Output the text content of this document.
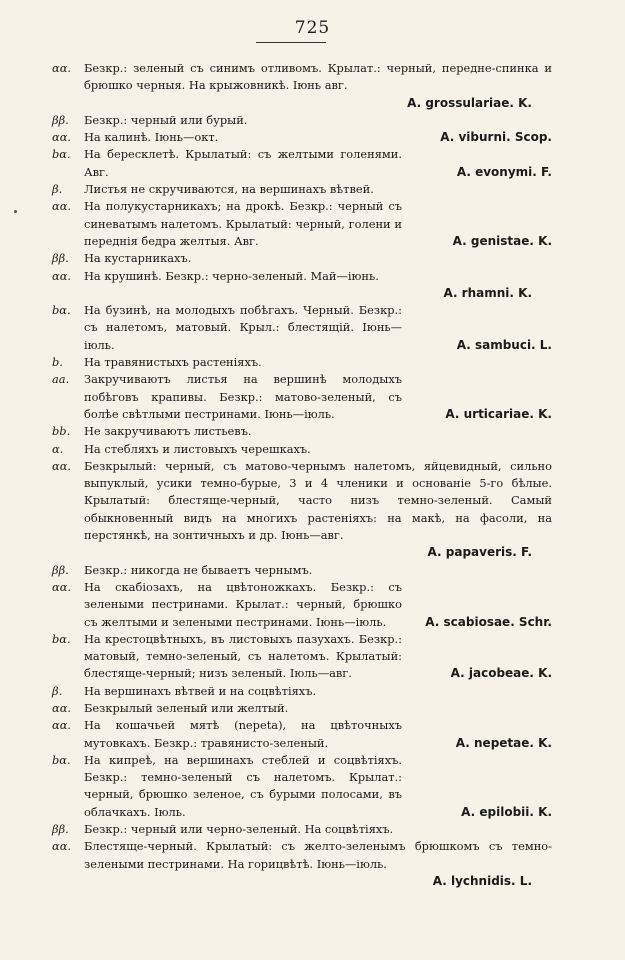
725
αα.	Безкр.: зеленый съ синимъ отливомъ. Крылат.: черный, передне-спинка и брюшко черныя. На крыжовникѣ. Іюнь авг.
A. grossulariae. K.
ββ.	Безкр.: черный или бурый.
αα.	На калинѣ. Іюнь—окт.	A. viburni. Scop.
bα.	На бересклетѣ. Крылатый: съ желтыми голенями. Авг.	A. evonymi. F.
β.	Листья не скручиваются, на вершинахъ вѣтвей.
αα.	На полукустарникахъ; на дрокѣ. Безкр.: черный съ синеватымъ налетомъ. Крылатый: черный, голени и переднія бедра желтыя. Авг.	A. genistae. K.
ββ.	На кустарникахъ.
αα.	На крушинѣ. Безкр.: черно-зеленый. Май—іюнь.
A. rhamni. K.
bα.	На бузинѣ, на молодыхъ побѣгахъ. Черный. Безкр.: съ налетомъ, матовый. Крыл.: блестящій. Іюнь—іюль.	A. sambuci. L.
b.	На травянистыхъ растеніяхъ.
aa.	Закручиваютъ листья на вершинѣ молодыхъ побѣговъ крапивы. Безкр.: матово-зеленый, съ болѣе свѣтлыми пестринами. Іюнь—іюль.	A. urticariae. K.
bb.	Не закручиваютъ листьевъ.
α.	На стебляхъ и листовыхъ черешкахъ.
αα.	Безкрылый: черный, съ матово-чернымъ налетомъ, яйцевидный, сильно выпуклый, усики темно-бурые, 3 и 4 членики и основаніе 5-го бѣлые. Крылатый: блестяще-черный, часто низъ темно-зеленый. Самый обыкновенный видъ на многихъ растеніяхъ: на макѣ, на фасоли, на перстянкѣ, на зонтичныхъ и др. Іюнь—авг.
A. papaveris. F.
ββ.	Безкр.: никогда не бываетъ чернымъ.
αα.	На скабіозахъ, на цвѣтоножкахъ. Безкр.: съ зелеными пестринами. Крылат.: черный, брюшко съ желтыми и зелеными пестринами. Іюнь—іюль.	A. scabiosae. Schr.
bα.	На крестоцвѣтныхъ, въ листовыхъ пазухахъ. Безкр.: матовый, темно-зеленый, съ налетомъ. Крылатый: блестяще-черный; низъ зеленый. Іюль—авг.	A. jacobeae. K.
β.	На вершинахъ вѣтвей и на соцвѣтіяхъ.
αα.	Безкрылый зеленый или желтый.
αα.	На кошачьей мятѣ (nepeta), на цвѣточныхъ мутовкахъ. Безкр.: травянисто-зеленый.	A. nepetae. K.
bα.	На кипреѣ, на вершинахъ стеблей и соцвѣтіяхъ. Безкр.: темно-зеленый съ налетомъ. Крылат.: черный, брюшко зеленое, съ бурыми полосами, въ облачкахъ. Іюль.	A. epilobii. K.
ββ.	Безкр.: черный или черно-зеленый. На соцвѣтіяхъ.
αα.	Блестяще-черный. Крылатый: съ желто-зеленымъ брюшкомъ съ темно-зелеными пестринами. На горицвѣтѣ. Іюнь—іюль.
A. lychnidis. L.
